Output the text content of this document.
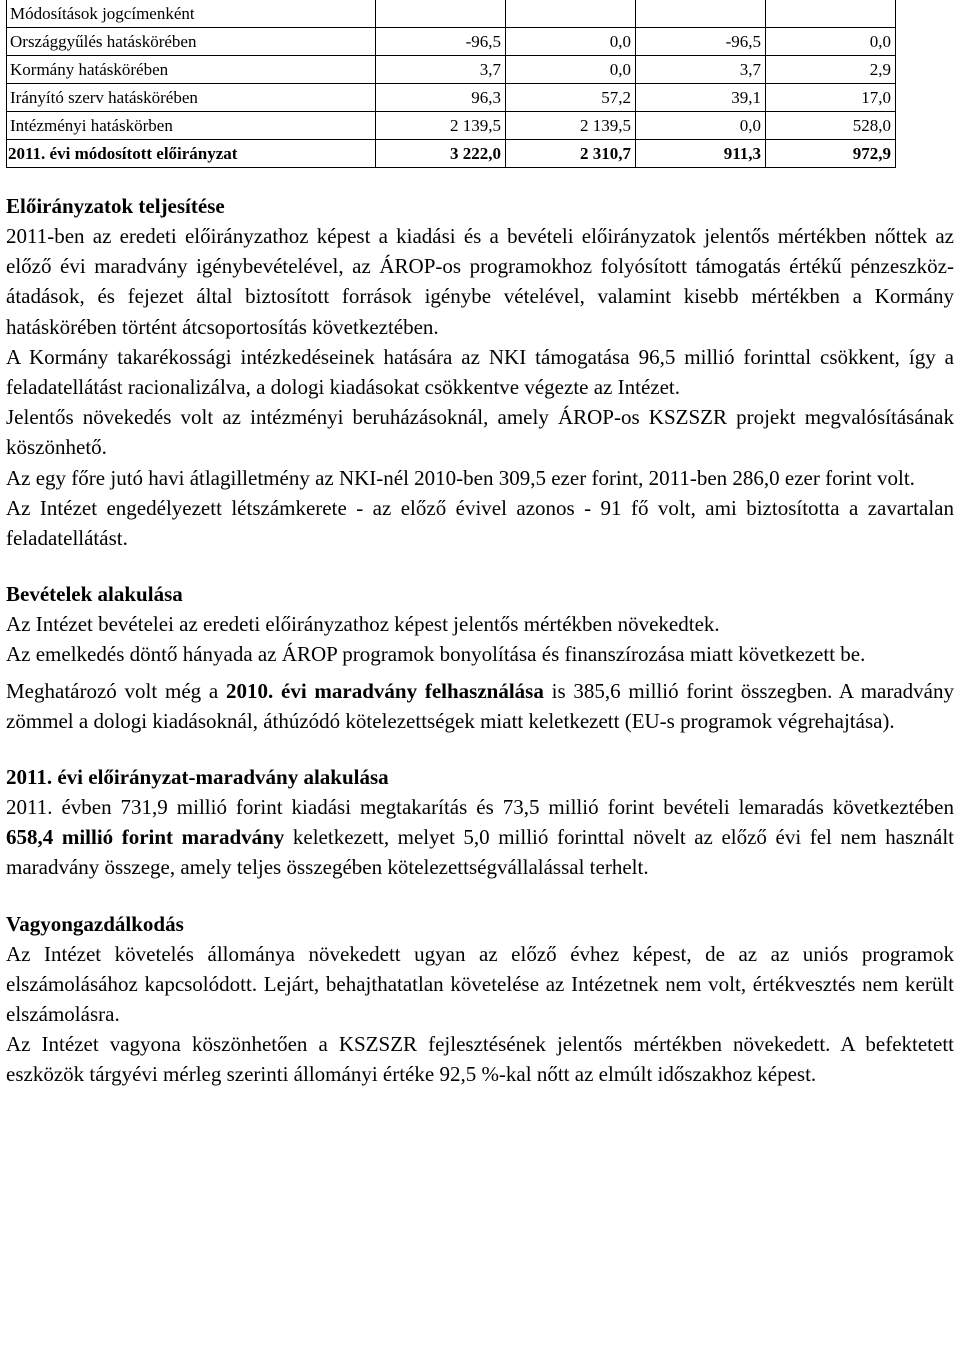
Módosítások jogcímenként				
Országgyűlés hatáskörében	-96,5	0,0	-96,5	0,0
Kormány hatáskörében	3,7	0,0	3,7	2,9
Irányító szerv hatáskörében	96,3	57,2	39,1	17,0
Intézményi hatáskörben	2 139,5	2 139,5	0,0	528,0
2011. évi módosított előirányzat	3 222,0	2 310,7	911,3	972,9
Előirányzatok teljesítése

2011-ben az eredeti előirányzathoz képest a kiadási és a bevételi előirányzatok jelentős mértékben nőttek az előző évi maradvány igénybevételével, az ÁROP-os programokhoz folyósított támogatás értékű pénzeszköz-átadások, és fejezet által biztosított források igénybe vételével, valamint kisebb mértékben a Kormány hatáskörében történt átcsoportosítás következtében.

A Kormány takarékossági intézkedéseinek hatására az NKI támogatása 96,5 millió forinttal csökkent, így a feladatellátást racionalizálva, a dologi kiadásokat csökkentve végezte az Intézet.

Jelentős növekedés volt az intézményi beruházásoknál, amely ÁROP-os KSZSZR projekt megvalósításának köszönhető.

Az egy főre jutó havi átlagilletmény az NKI-nél 2010-ben 309,5 ezer forint, 2011-ben 286,0 ezer forint volt.

Az Intézet engedélyezett létszámkerete - az előző évivel azonos - 91 fő volt, ami biztosította a zavartalan feladatellátást.

Bevételek alakulása

Az Intézet bevételei az eredeti előirányzathoz képest jelentős mértékben növekedtek.

Az emelkedés döntő hányada az ÁROP programok bonyolítása és finanszírozása miatt következett be.

Meghatározó volt még a 2010. évi maradvány felhasználása is 385,6 millió forint összegben. A maradvány zömmel a dologi kiadásoknál, áthúzódó kötelezettségek miatt keletkezett (EU-s programok végrehajtása).

2011. évi előirányzat-maradvány alakulása

2011. évben 731,9 millió forint kiadási megtakarítás és 73,5 millió forint bevételi lemaradás következtében 658,4 millió forint maradvány keletkezett, melyet 5,0 millió forinttal növelt az előző évi fel nem használt maradvány összege, amely teljes összegében kötelezettségvállalással terhelt.

Vagyongazdálkodás

Az Intézet követelés állománya növekedett ugyan az előző évhez képest, de az az uniós programok elszámolásához kapcsolódott. Lejárt, behajthatatlan követelése az Intézetnek nem volt, értékvesztés nem került elszámolásra.

Az Intézet vagyona köszönhetően a KSZSZR fejlesztésének jelentős mértékben növekedett. A befektetett eszközök tárgyévi mérleg szerinti állományi értéke 92,5 %-kal nőtt az elmúlt időszakhoz képest.
